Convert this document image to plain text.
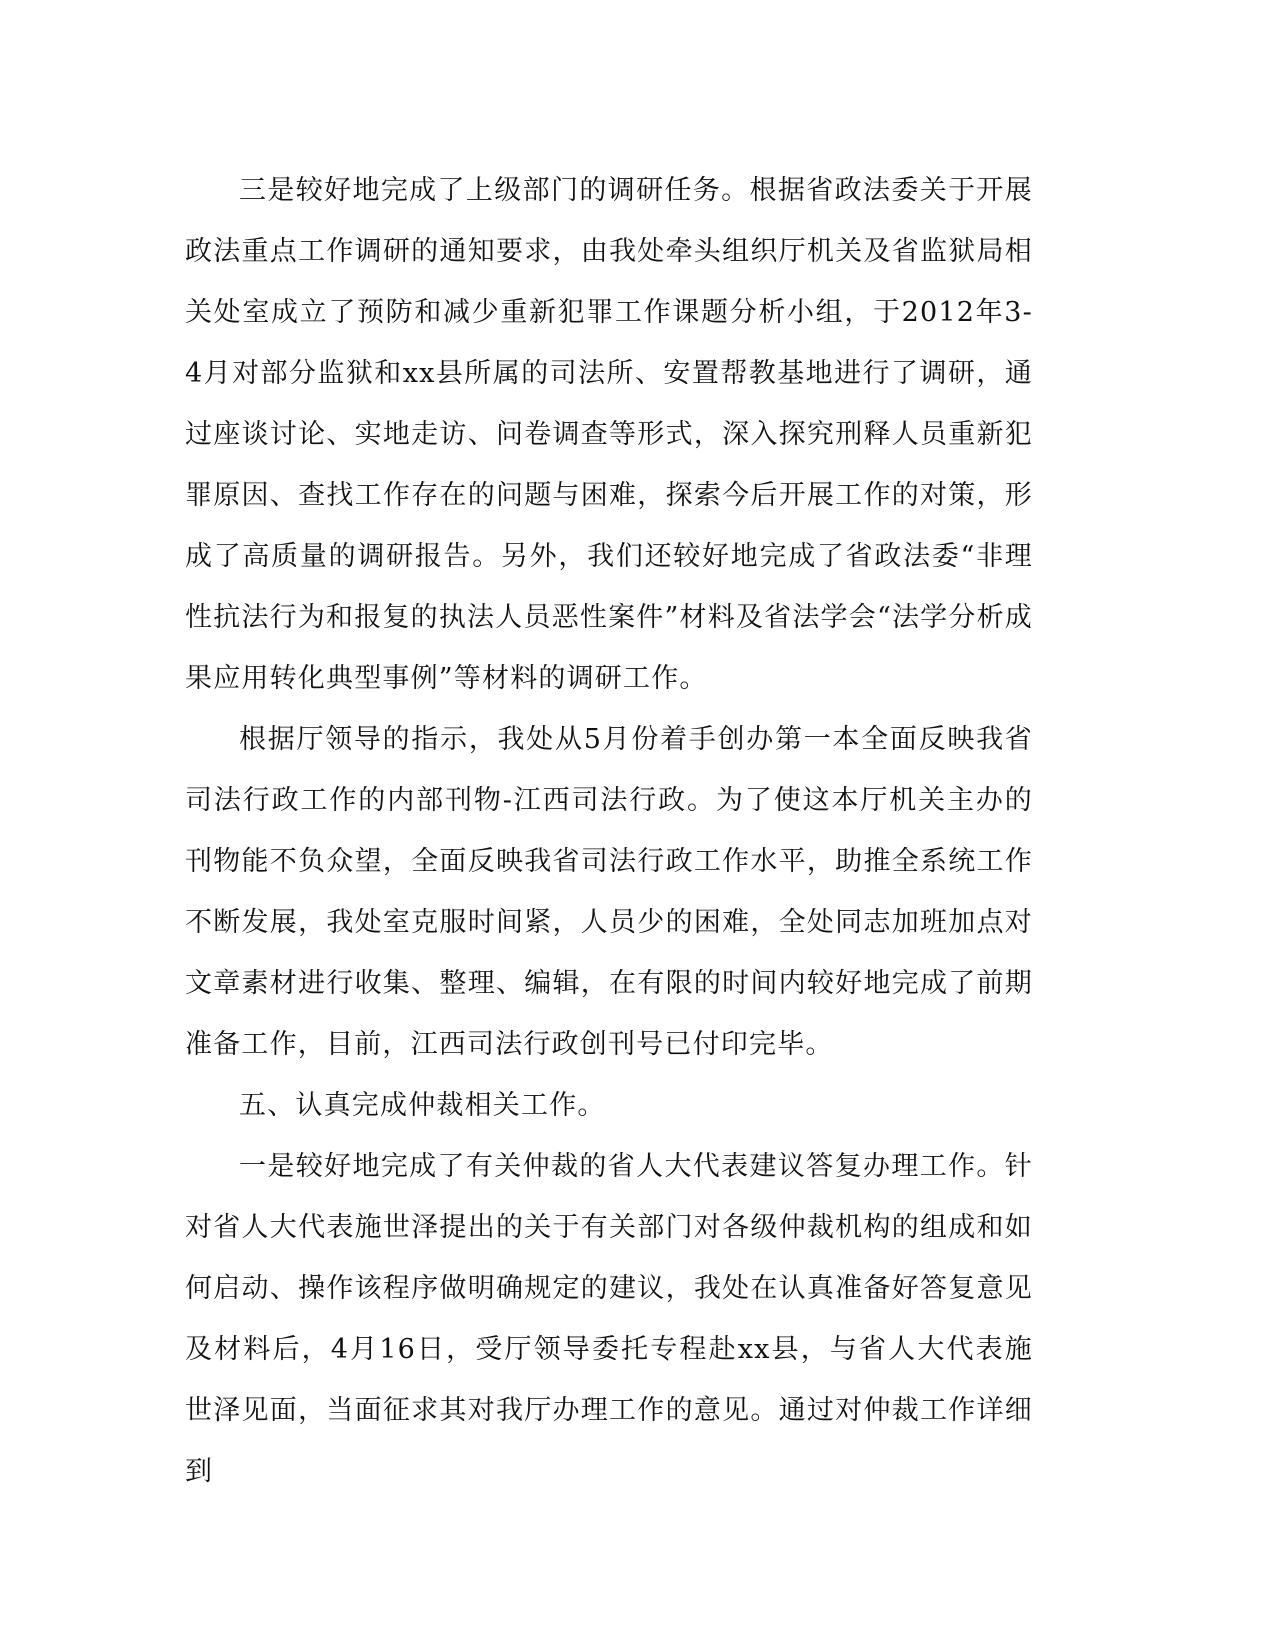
三是较好地完成了上级部门的调研任务。根据省政法委关于开展政法重点工作调研的通知要求，由我处牵头组织厅机关及省监狱局相关处室成立了预防和减少重新犯罪工作课题分析小组，于2012年3-4月对部分监狱和xx县所属的司法所、安置帮教基地进行了调研，通过座谈讨论、实地走访、问卷调查等形式，深入探究刑释人员重新犯罪原因、查找工作存在的问题与困难，探索今后开展工作的对策，形成了高质量的调研报告。另外，我们还较好地完成了省政法委“非理性抗法行为和报复的执法人员恶性案件”材料及省法学会“法学分析成果应用转化典型事例”等材料的调研工作。

根据厅领导的指示，我处从5月份着手创办第一本全面反映我省司法行政工作的内部刊物-江西司法行政。为了使这本厅机关主办的刊物能不负众望，全面反映我省司法行政工作水平，助推全系统工作不断发展，我处室克服时间紧，人员少的困难，全处同志加班加点对文章素材进行收集、整理、编辑，在有限的时间内较好地完成了前期准备工作，目前，江西司法行政创刊号已付印完毕。

五、认真完成仲裁相关工作。

一是较好地完成了有关仲裁的省人大代表建议答复办理工作。针对省人大代表施世泽提出的关于有关部门对各级仲裁机构的组成和如何启动、操作该程序做明确规定的建议，我处在认真准备好答复意见及材料后，4月16日，受厅领导委托专程赴xx县，与省人大代表施世泽见面，当面征求其对我厅办理工作的意见。通过对仲裁工作详细到
